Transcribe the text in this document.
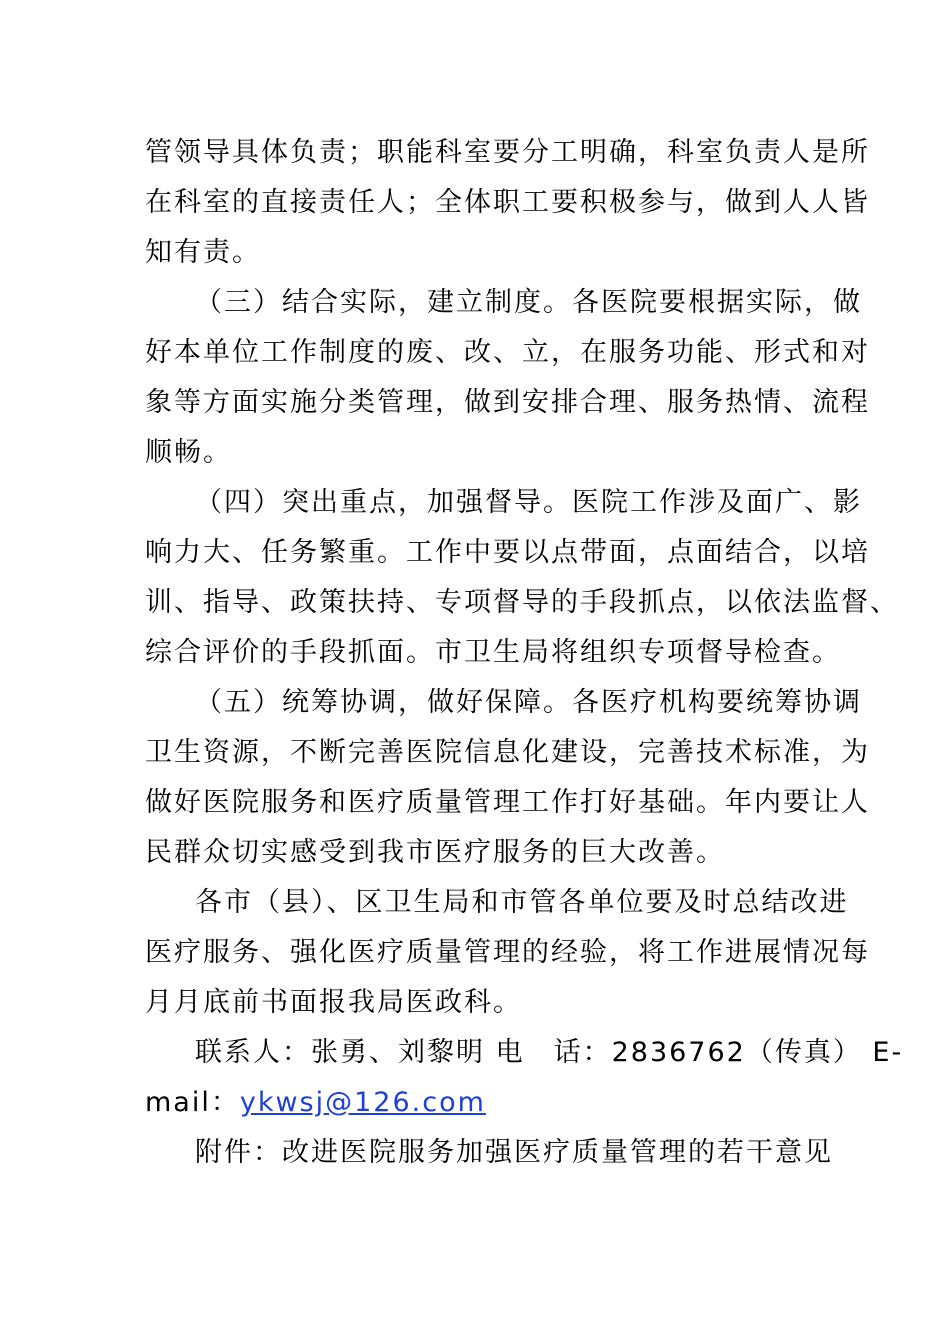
管领导具体负责；职能科室要分工明确，科室负责人是所
在科室的直接责任人；全体职工要积极参与，做到人人皆
知有责。
（三）结合实际，建立制度。各医院要根据实际，做
好本单位工作制度的废、改、立，在服务功能、形式和对
象等方面实施分类管理，做到安排合理、服务热情、流程
顺畅。
（四）突出重点，加强督导。医院工作涉及面广、影
响力大、任务繁重。工作中要以点带面，点面结合，以培
训、指导、政策扶持、专项督导的手段抓点，以依法监督、
综合评价的手段抓面。市卫生局将组织专项督导检查。
（五）统筹协调，做好保障。各医疗机构要统筹协调
卫生资源，不断完善医院信息化建设，完善技术标准，为
做好医院服务和医疗质量管理工作打好基础。年内要让人
民群众切实感受到我市医疗服务的巨大改善。
各市（县）、区卫生局和市管各单位要及时总结改进
医疗服务、强化医疗质量管理的经验，将工作进展情况每
月月底前书面报我局医政科。
联系人：张勇、刘黎明 电　话：2836762（传真） E-
mail：ykwsj@126.com
附件：改进医院服务加强医疗质量管理的若干意见
